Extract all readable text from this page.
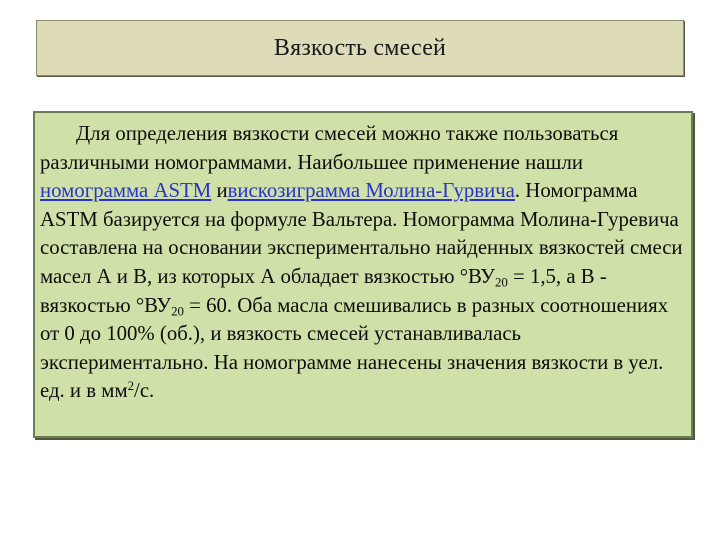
Вязкость смесей

Для определения вязкости смесей можно также пользоваться различными номограммами. Наибольшее применение нашли номограмма ASTM ивискозиграмма Молина-Гурвича. Номограмма ASTM базируется на формуле Вальтера. Номограмма Молина-Гуревича составлена на основании экспериментально найденных вязкостей смеси масел А и В, из которых А обладает вязкостью $^\circ ВУ_{20} = 1,5$, а В - вязкостью $^\circ ВУ_{20} = 60$. Оба масла смешивались в разных соотношениях от 0 до 100% (об.), и вязкость смесей устанавливалась экспериментально. На номограмме нанесены значения вязкости в уел. ед. и в $мм^2/с$.
